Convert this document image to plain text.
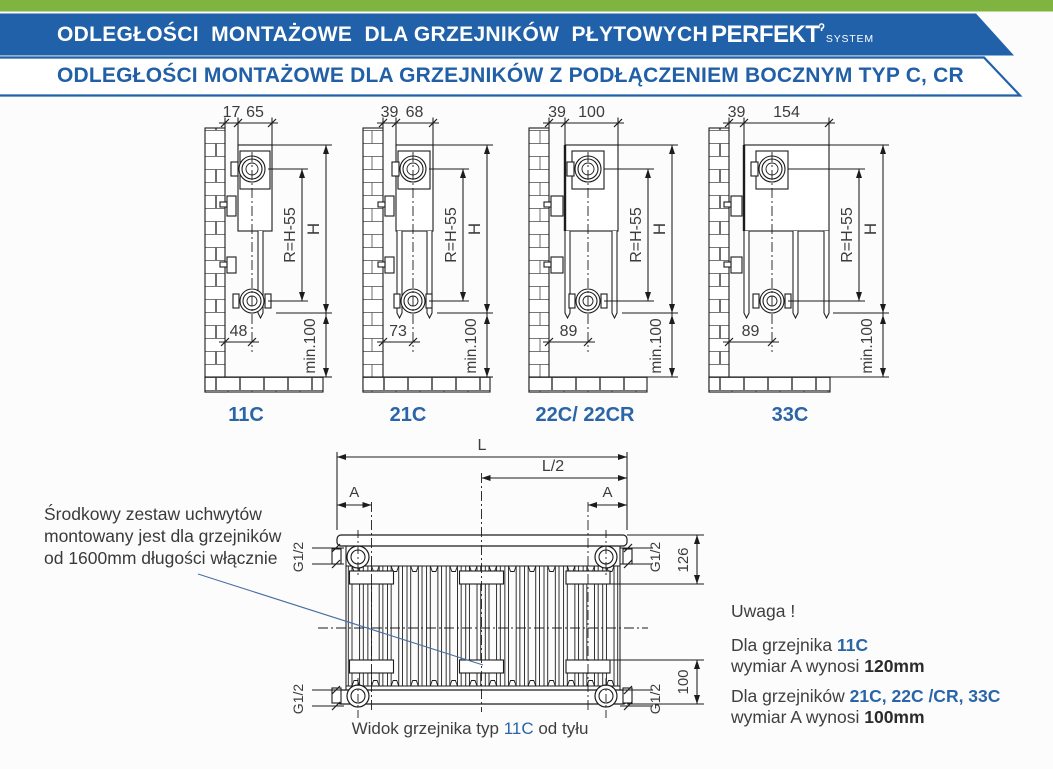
17 65
R=H-55 H
min.100
48
39 68
R=H-55 H
min.100
73
39 100
R=H-55 H
min.100
89
39 154
R=H-55 H
min.100
89
L
L/2
A	A
G1/2	G1/2
G1/2	G1/2
126
100
ODLEGŁOŚCI  MONTAŻOWE  DLA GRZEJNIKÓW  PŁYTOWYCH PERFEKT ˀ SYSTEM
ODLEGŁOŚCI MONTAŻOWE DLA GRZEJNIKÓW Z PODŁĄCZENIEM BOCZNYM TYP C, CR
11C	21C	22C/ 22CR	33C
Środkowy zestaw uchwytów
montowany jest dla grzejników
od 1600mm długości włącznie
Widok grzejnika typ 11C od tyłu

Uwaga !

Dla grzejnika 11C

wymiar A wynosi 120mm

Dla grzejników 21C, 22C /CR, 33C

wymiar A wynosi 100mm
